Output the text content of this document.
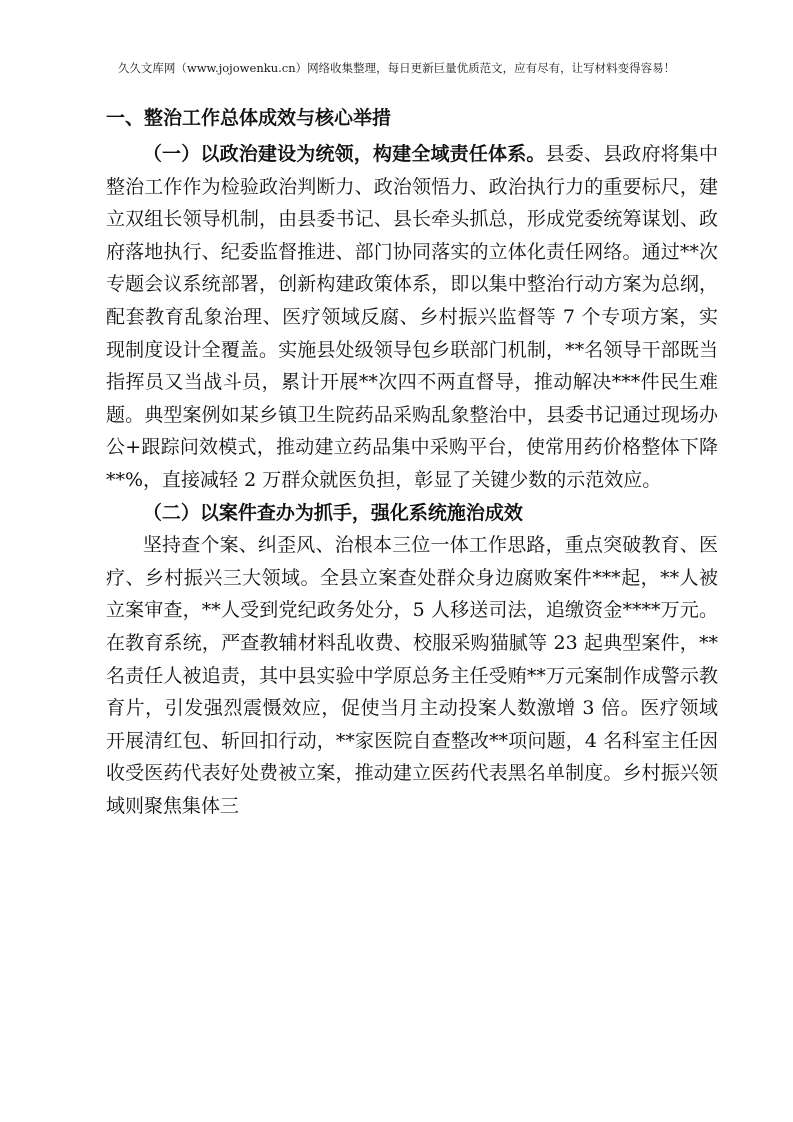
久久文库网（www.jojowenku.cn）网络收集整理，每日更新巨量优质范文，应有尽有，让写材料变得容易！
一、整治工作总体成效与核心举措

（一）以政治建设为统领，构建全域责任体系。县委、县政府将集中整治工作作为检验政治判断力、政治领悟力、政治执行力的重要标尺，建立双组长领导机制，由县委书记、县长牵头抓总，形成党委统筹谋划、政府落地执行、纪委监督推进、部门协同落实的立体化责任网络。通过**次专题会议系统部署，创新构建政策体系，即以集中整治行动方案为总纲，配套教育乱象治理、医疗领域反腐、乡村振兴监督等 7 个专项方案，实现制度设计全覆盖。实施县处级领导包乡联部门机制，**名领导干部既当指挥员又当战斗员，累计开展**次四不两直督导，推动解决***件民生难题。典型案例如某乡镇卫生院药品采购乱象整治中，县委书记通过现场办公+跟踪问效模式，推动建立药品集中采购平台，使常用药价格整体下降**%，直接减轻 2 万群众就医负担，彰显了关键少数的示范效应。

（二）以案件查办为抓手，强化系统施治成效

坚持查个案、纠歪风、治根本三位一体工作思路，重点突破教育、医疗、乡村振兴三大领域。全县立案查处群众身边腐败案件***起，**人被立案审查，**人受到党纪政务处分，5 人移送司法，追缴资金****万元。在教育系统，严查教辅材料乱收费、校服采购猫腻等 23 起典型案件，**名责任人被追责，其中县实验中学原总务主任受贿**万元案制作成警示教育片，引发强烈震慑效应，促使当月主动投案人数激增 3 倍。医疗领域开展清红包、斩回扣行动，**家医院自查整改**项问题，4 名科室主任因收受医药代表好处费被立案，推动建立医药代表黑名单制度。乡村振兴领域则聚焦集体三
